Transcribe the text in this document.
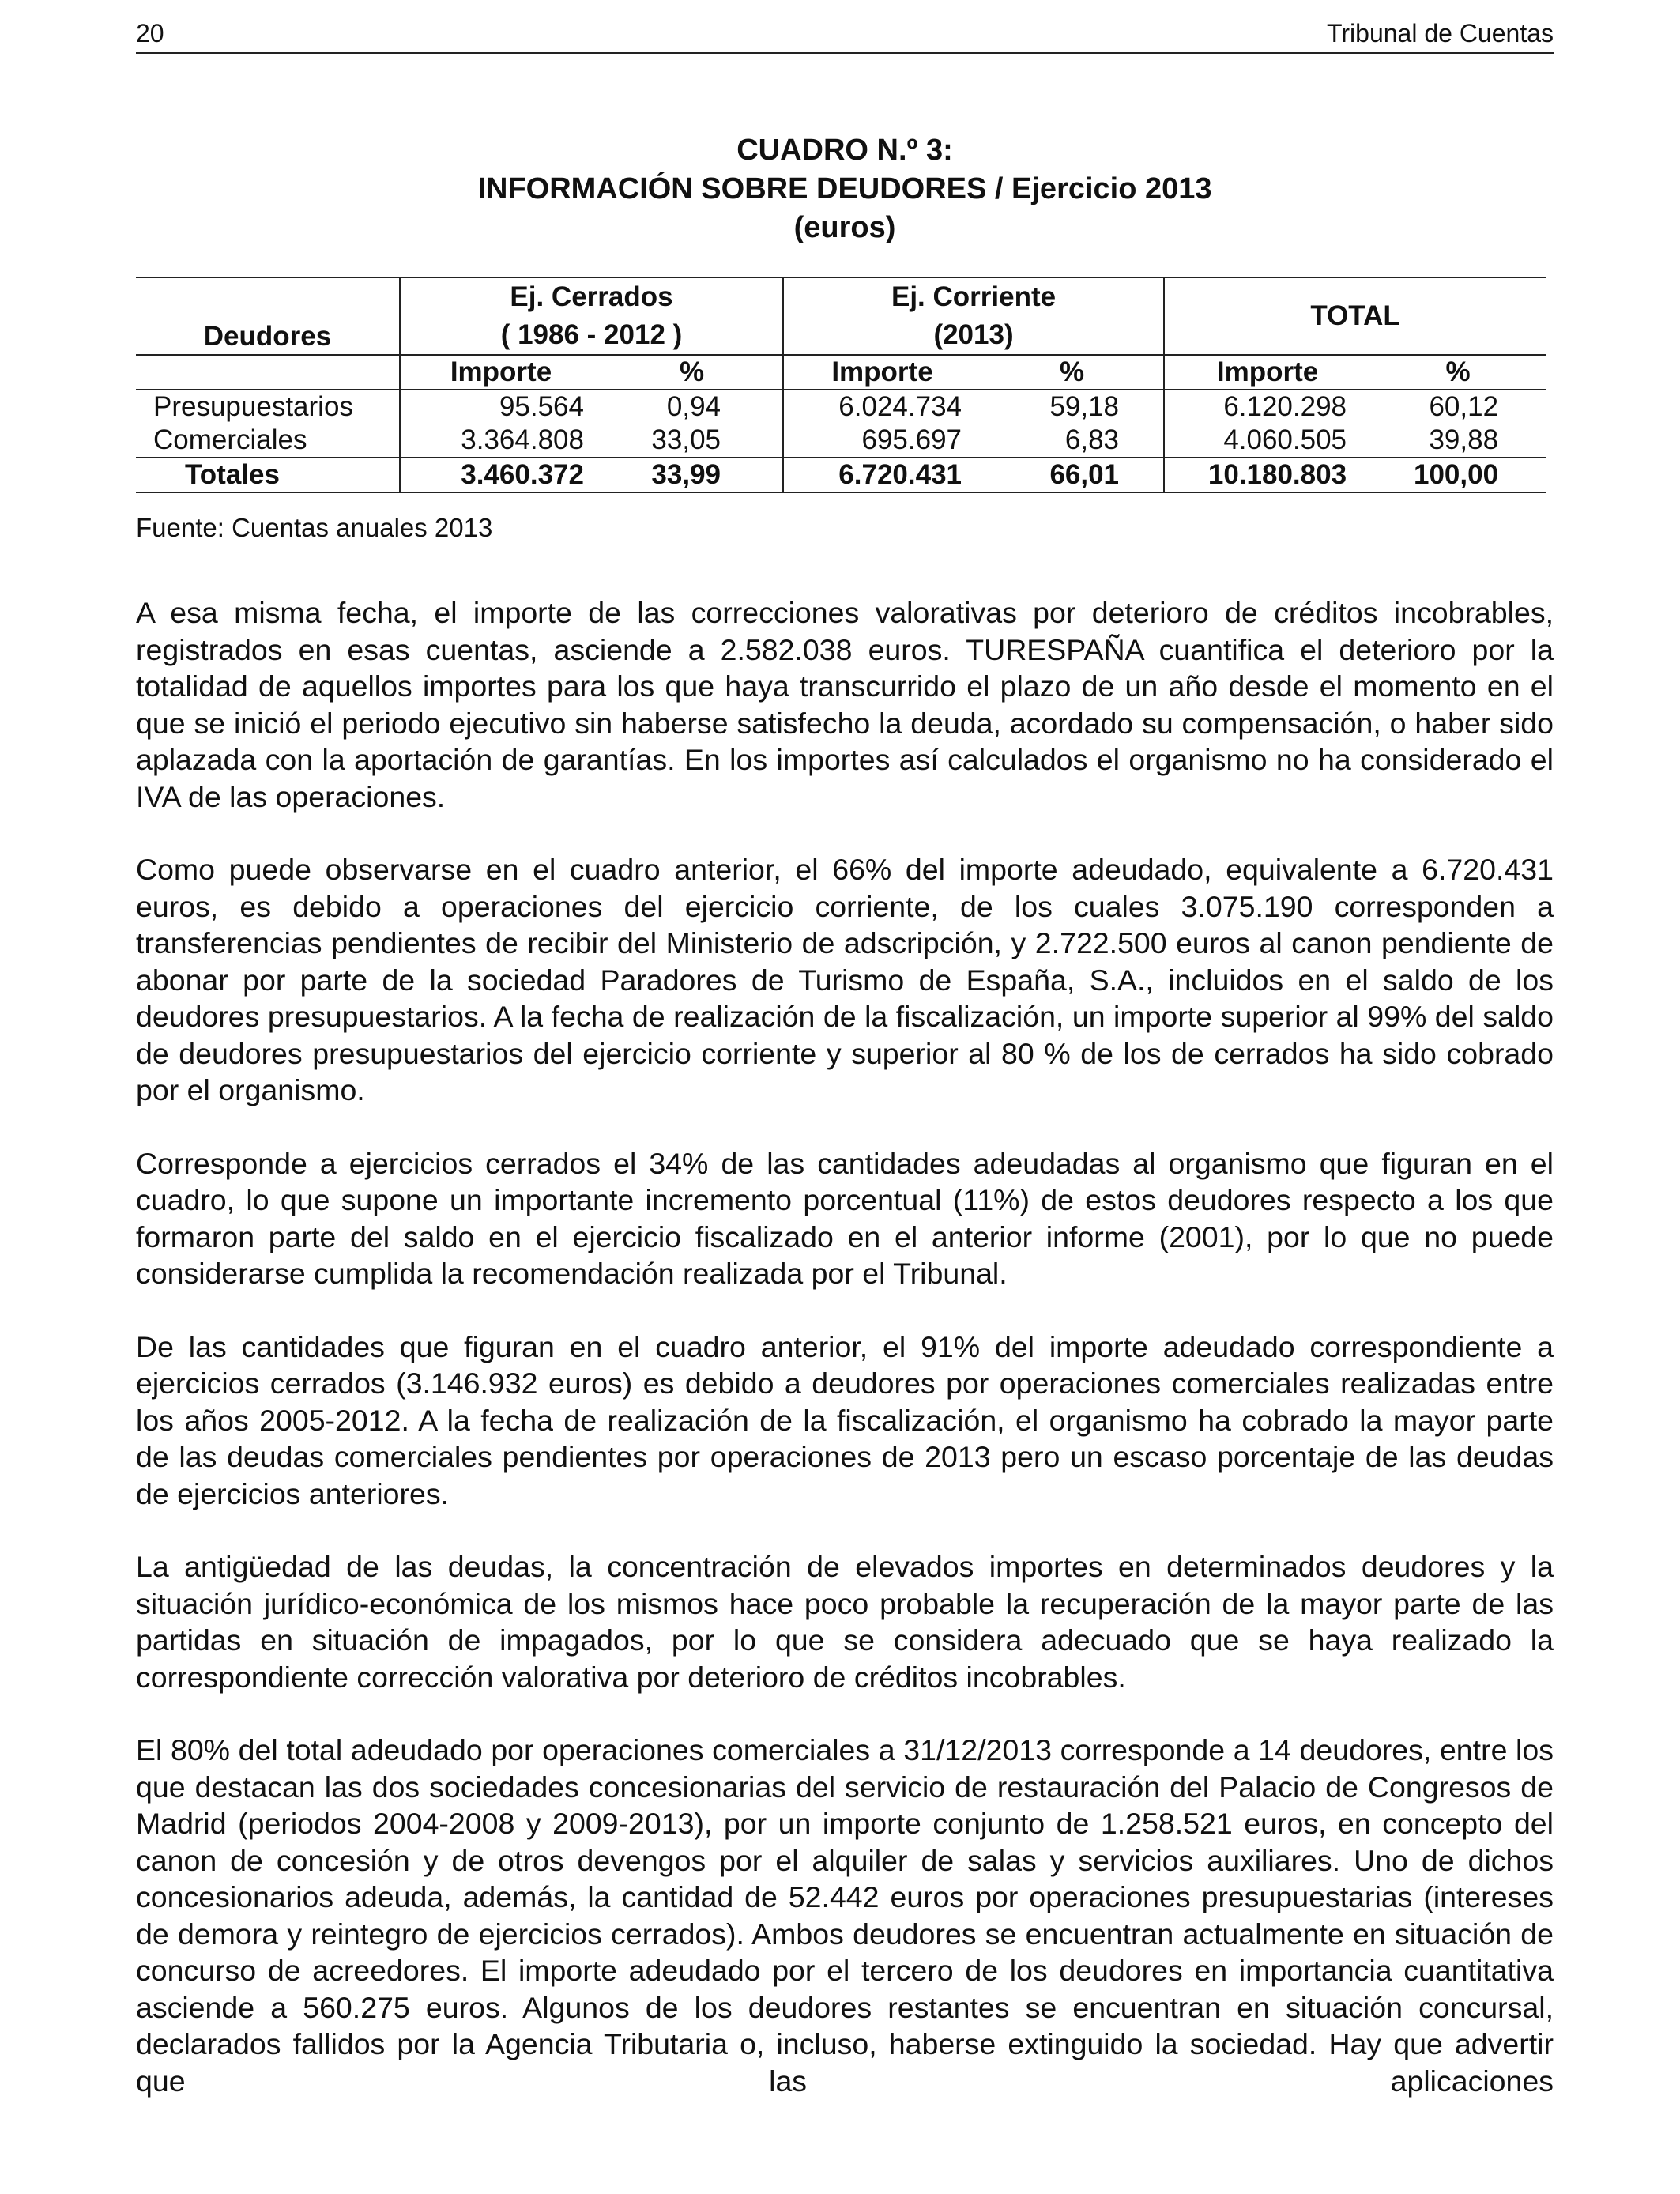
20	Tribunal de Cuentas
CUADRO N.º 3:
INFORMACIÓN SOBRE DEUDORES / Ejercicio 2013
(euros)
Deudores	Ej. Cerrados		Ej. Corriente		TOTAL	
	( 1986 - 2012 )		(2013)			
	Importe	%	Importe	%	Importe	%
Presupuestarios	95.564	0,94	6.024.734	59,18	6.120.298	60,12
Comerciales	3.364.808	33,05	695.697	6,83	4.060.505	39,88
Totales	3.460.372	33,99	6.720.431	66,01	10.180.803	100,00
Fuente: Cuentas anuales 2013

A esa misma fecha, el importe de las correcciones valorativas por deterioro de créditos incobrables, registrados en esas cuentas, asciende a 2.582.038 euros. TURESPAÑA cuantifica el deterioro por la totalidad de aquellos importes para los que haya transcurrido el plazo de un año desde el momento en el que se inició el periodo ejecutivo sin haberse satisfecho la deuda, acordado su compensación, o haber sido aplazada con la aportación de garantías. En los importes así calculados el organismo no ha considerado el IVA de las operaciones.

Como puede observarse en el cuadro anterior, el 66% del importe adeudado, equivalente a 6.720.431 euros, es debido a operaciones del ejercicio corriente, de los cuales 3.075.190 corresponden a transferencias pendientes de recibir del Ministerio de adscripción, y 2.722.500 euros al canon pendiente de abonar por parte de la sociedad Paradores de Turismo de España, S.A., incluidos en el saldo de los deudores presupuestarios. A la fecha de realización de la fiscalización, un importe superior al 99% del saldo de deudores presupuestarios del ejercicio corriente y superior al 80 % de los de cerrados ha sido cobrado por el organismo.

Corresponde a ejercicios cerrados el 34% de las cantidades adeudadas al organismo que figuran en el cuadro, lo que supone un importante incremento porcentual (11%) de estos deudores respecto a los que formaron parte del saldo en el ejercicio fiscalizado en el anterior informe (2001), por lo que no puede considerarse cumplida la recomendación realizada por el Tribunal.

De las cantidades que figuran en el cuadro anterior, el 91% del importe adeudado correspondiente a ejercicios cerrados (3.146.932 euros) es debido a deudores por operaciones comerciales realizadas entre los años 2005-2012. A la fecha de realización de la fiscalización, el organismo ha cobrado la mayor parte de las deudas comerciales pendientes por operaciones de 2013 pero un escaso porcentaje de las deudas de ejercicios anteriores.

La antigüedad de las deudas, la concentración de elevados importes en determinados deudores y la situación jurídico-económica de los mismos hace poco probable la recuperación de la mayor parte de las partidas en situación de impagados, por lo que se considera adecuado que se haya realizado la correspondiente corrección valorativa por deterioro de créditos incobrables.

El 80% del total adeudado por operaciones comerciales a 31/12/2013 corresponde a 14 deudores, entre los que destacan las dos sociedades concesionarias del servicio de restauración del Palacio de Congresos de Madrid (periodos 2004-2008 y 2009-2013), por un importe conjunto de 1.258.521 euros, en concepto del canon de concesión y de otros devengos por el alquiler de salas y servicios auxiliares. Uno de dichos concesionarios adeuda, además, la cantidad de 52.442 euros por operaciones presupuestarias (intereses de demora y reintegro de ejercicios cerrados). Ambos deudores se encuentran actualmente en situación de concurso de acreedores. El importe adeudado por el tercero de los deudores en importancia cuantitativa asciende a 560.275 euros. Algunos de los deudores restantes se encuentran en situación concursal, declarados fallidos por la Agencia Tributaria o, incluso, haberse extinguido la sociedad. Hay que advertir que las aplicaciones
